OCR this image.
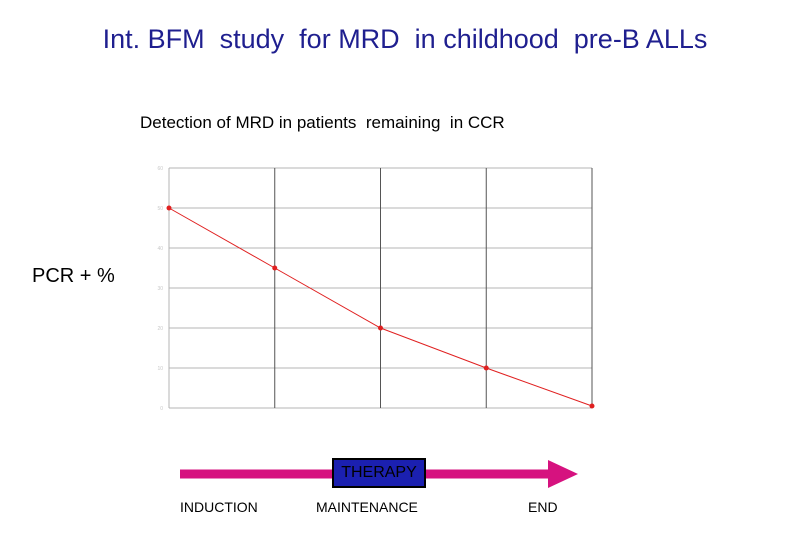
Int. BFM  study  for MRD  in childhood  pre-B ALLs
Detection of MRD in patients  remaining  in CCR
PCR + %
0
10
20
30
40
50
60
THERAPY
INDUCTION	MAINTENANCE	END
